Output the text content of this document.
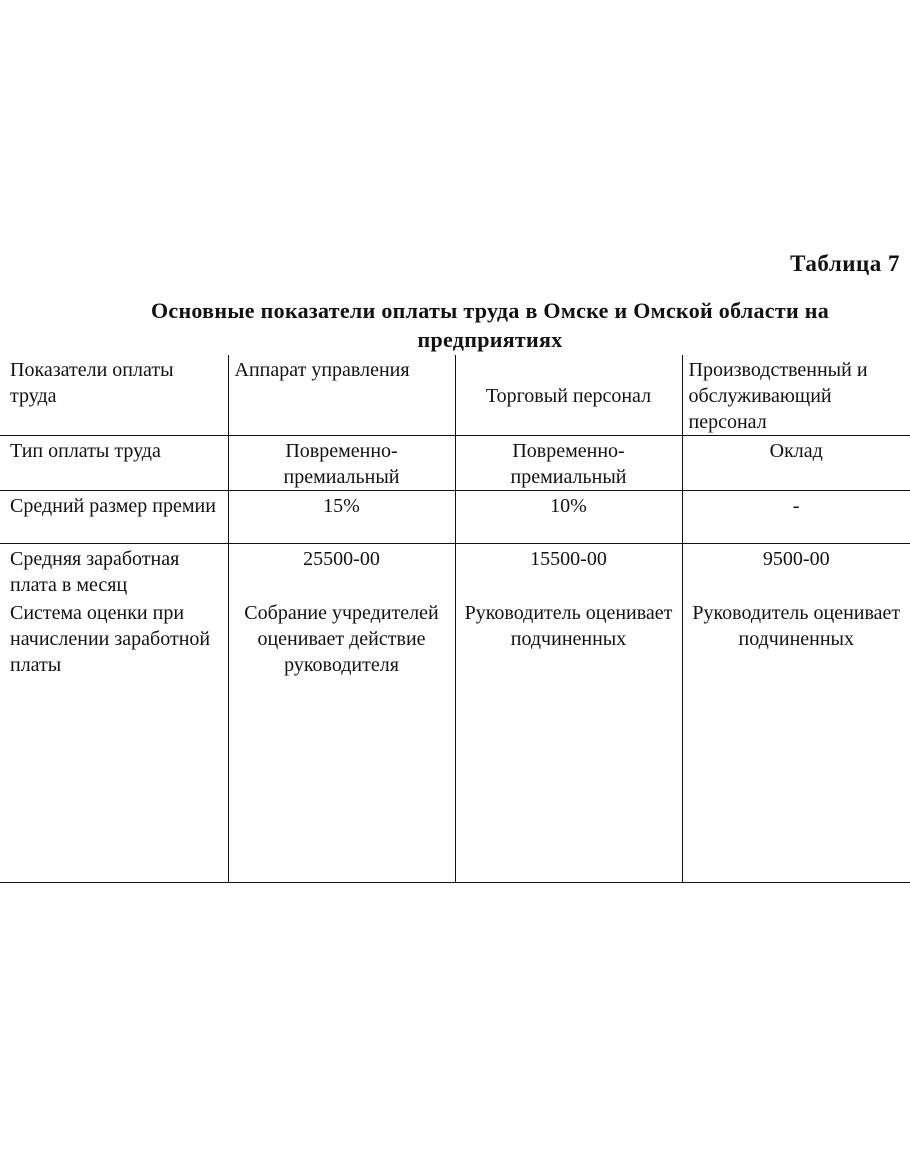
Таблица 7
Основные показатели оплаты труда в Омске и Омской области на предприятиях
Показатели оплаты труда	Аппарат управления	Торговый персонал	Производственный и обслуживающий персонал
Тип оплаты труда	Повременно-премиальный	Повременно-премиальный	Оклад
Средний размер премии	15%	10%	-
Средняя заработная плата в месяц	25500-00	15500-00	9500-00
Система оценки при начислении заработной платы	Собрание учредителей оценивает действие руководителя	Руководитель оценивает подчиненных	Руководитель оценивает подчиненных
